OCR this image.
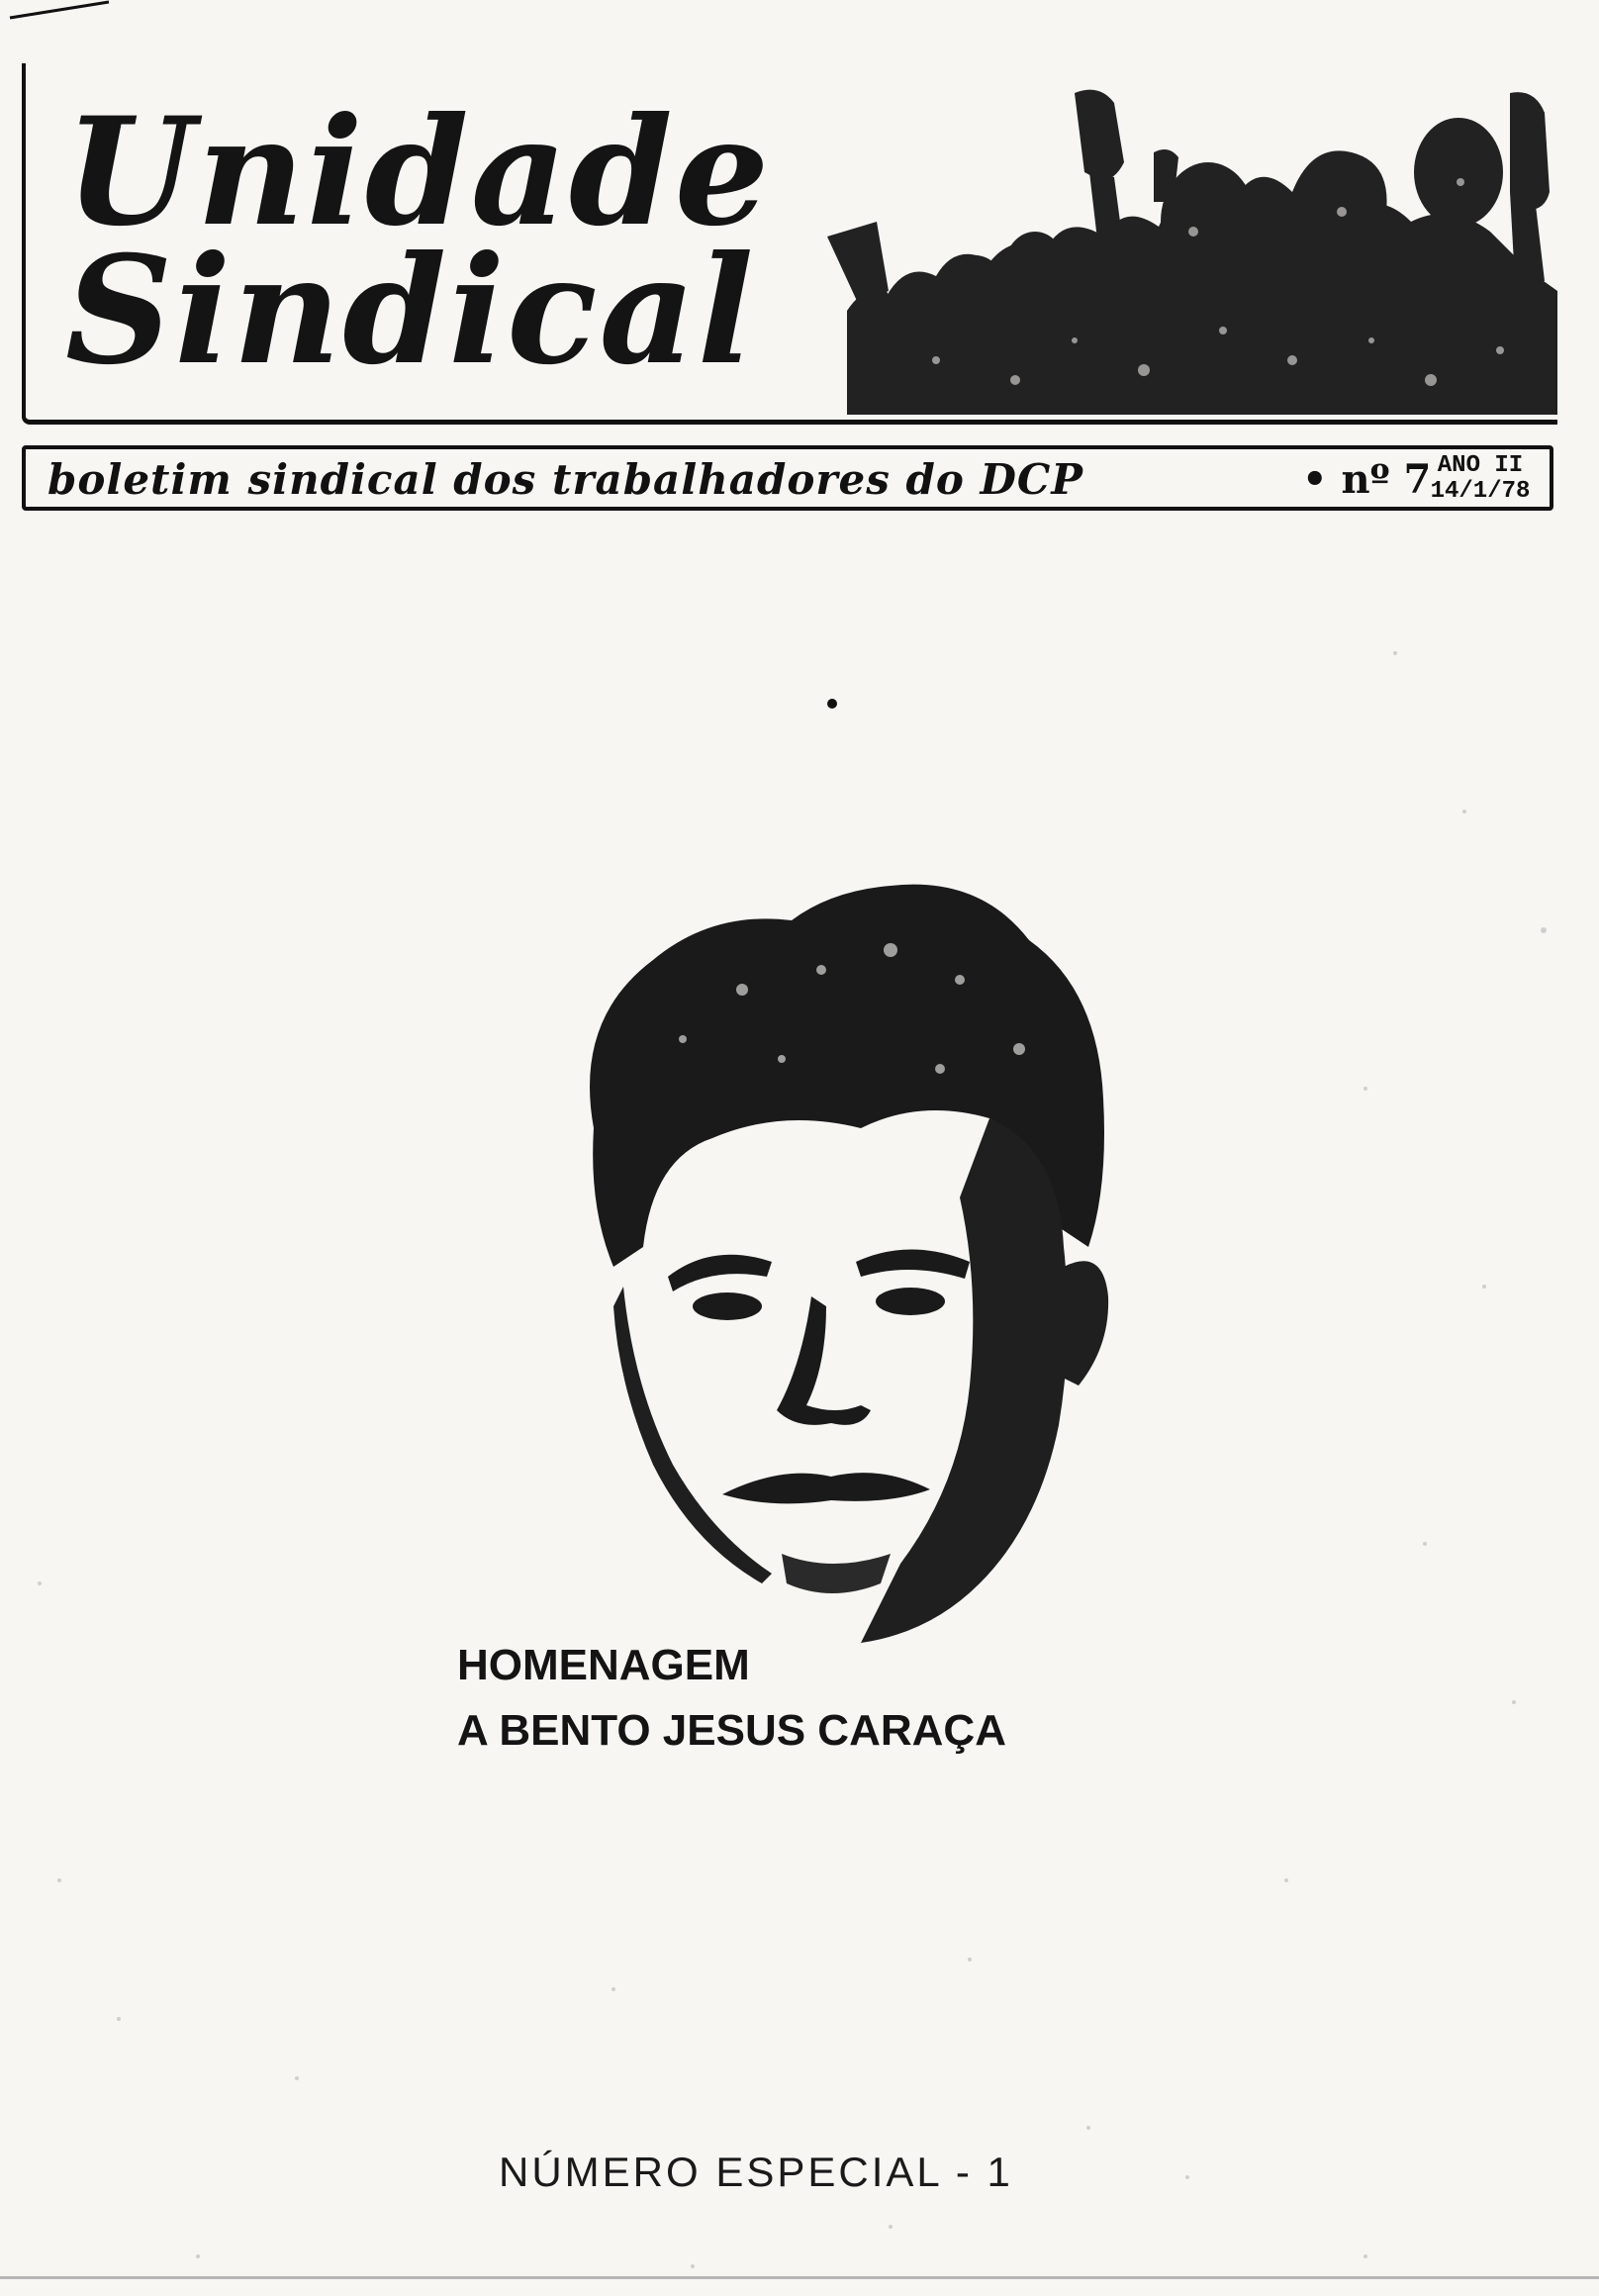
Unidade
Sindical
boletim sindical dos trabalhadores do DCP	• nº 7 ANO II
14/1/78
HOMENAGEM
A BENTO JESUS CARAÇA
NÚMERO ESPECIAL - 1
